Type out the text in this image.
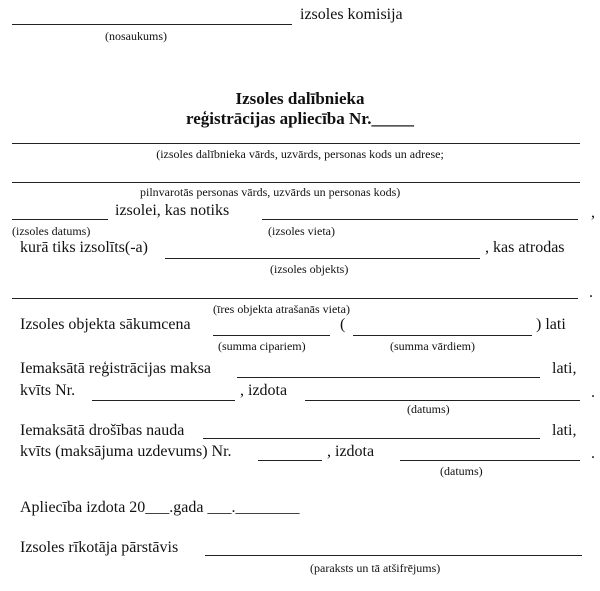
izsoles komisija
(nosaukums)
Izsoles dalībnieka
reģistrācijas apliecība Nr._____
(izsoles dalībnieka vārds, uzvārds, personas kods un adrese;
pilnvarotās personas vārds, uzvārds un personas kods)
izsolei, kas notiks	,
(izsoles datums)	(izsoles vieta)
kurā tiks izsolīts(-a)	, kas atrodas
(izsoles objekts)
.
(īres objekta atrašanās vieta)
Izsoles objekta sākumcena	(	) lati
(summa cipariem)	(summa vārdiem)
Iemaksātā reģistrācijas maksa	lati,
kvīts Nr.	, izdota	.
(datums)
Iemaksātā drošības nauda	lati,
kvīts (maksājuma uzdevums) Nr.	, izdota	.
(datums)
Apliecība izdota 20___.gada ___.________
Izsoles rīkotāja pārstāvis
(paraksts un tā atšifrējums)
